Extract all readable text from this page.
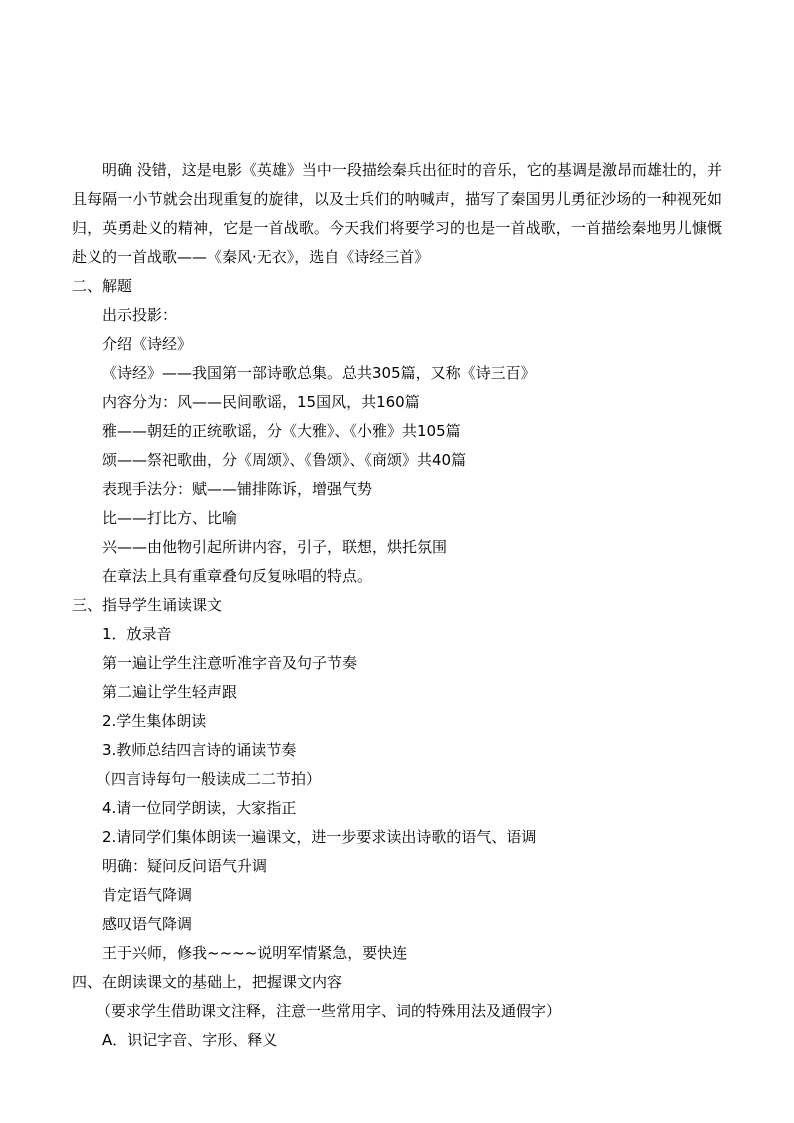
明确 没错，这是电影《英雄》当中一段描绘秦兵出征时的音乐，它的基调是激昂而雄壮的，并且每隔一小节就会出现重复的旋律，以及士兵们的呐喊声，描写了秦国男儿勇征沙场的一种视死如归，英勇赴义的精神，它是一首战歌。今天我们将要学习的也是一首战歌，一首描绘秦地男儿慷慨赴义的一首战歌——《秦风·无衣》，选自《诗经三首》
二、解题
出示投影：
介绍《诗经》
《诗经》——我国第一部诗歌总集。总共305篇，又称《诗三百》
内容分为：风——民间歌谣，15国风，共160篇
雅——朝廷的正统歌谣，分《大雅》、《小雅》共105篇
颂——祭祀歌曲，分《周颂》、《鲁颂》、《商颂》共40篇
表现手法分：赋——铺排陈诉，增强气势
比——打比方、比喻
兴——由他物引起所讲内容，引子，联想，烘托氛围
在章法上具有重章叠句反复咏唱的特点。
三、指导学生诵读课文
1．放录音
第一遍让学生注意听准字音及句子节奏
第二遍让学生轻声跟
2.学生集体朗读
3.教师总结四言诗的诵读节奏
（四言诗每句一般读成二二节拍）
4.请一位同学朗读，大家指正
2.请同学们集体朗读一遍课文，进一步要求读出诗歌的语气、语调
明确：疑问反问语气升调
肯定语气降调
感叹语气降调
王于兴师，修我~~~~说明军情紧急，要快连
四、在朗读课文的基础上，把握课文内容
（要求学生借助课文注释，注意一些常用字、词的特殊用法及通假字）
A．识记字音、字形、释义
